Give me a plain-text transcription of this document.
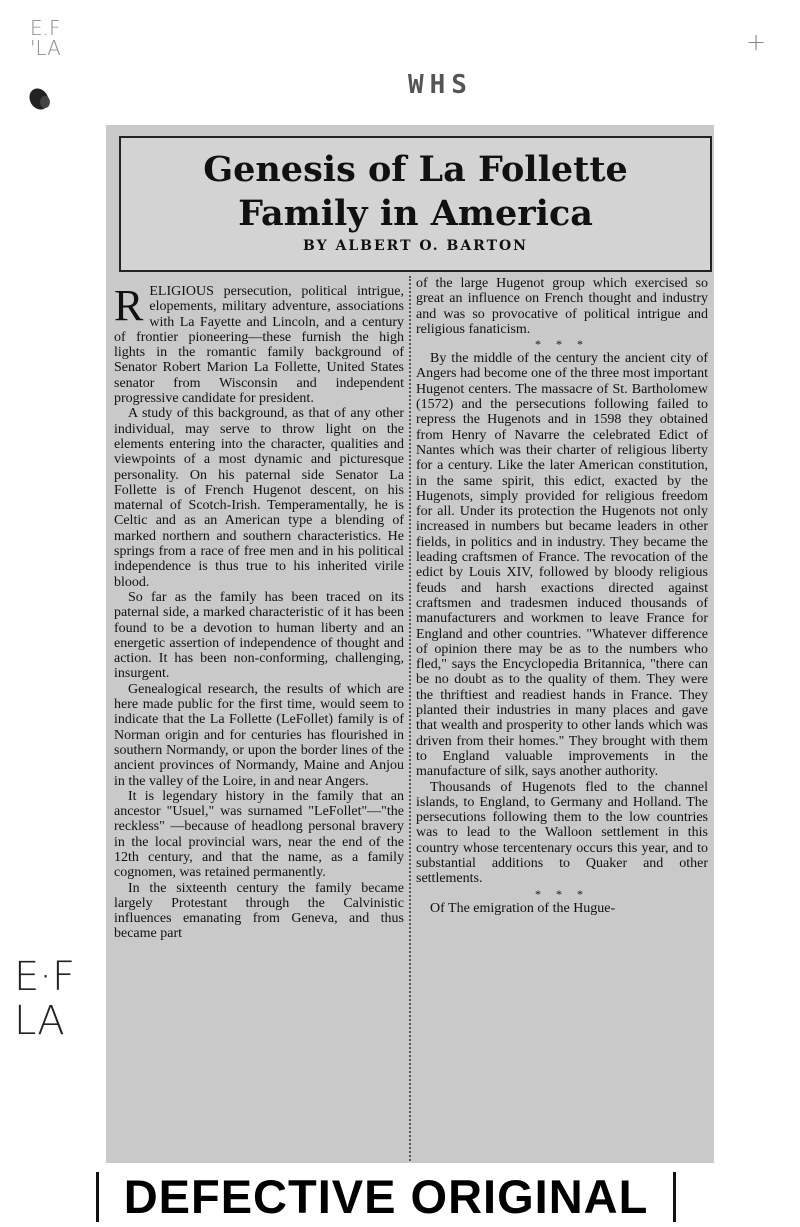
E.F
'LA	+
WHS
Genesis of La Follette
Family in America
BY ALBERT O. BARTON

RELIGIOUS persecution, political intrigue, elopements, military adventure, associations with La Fayette and Lincoln, and a century of frontier pioneering—these furnish the high lights in the romantic family background of Senator Robert Marion La Follette, United States senator from Wisconsin and independent progressive candidate for president.

A study of this background, as that of any other individual, may serve to throw light on the elements entering into the character, qualities and viewpoints of a most dynamic and picturesque personality. On his paternal side Senator La Follette is of French Hugenot descent, on his maternal of Scotch-Irish. Temperamentally, he is Celtic and as an American type a blending of marked northern and southern characteristics. He springs from a race of free men and in his political independence is thus true to his inherited virile blood.

So far as the family has been traced on its paternal side, a marked characteristic of it has been found to be a devotion to human liberty and an energetic assertion of independence of thought and action. It has been non-conforming, challenging, insurgent.

Genealogical research, the results of which are here made public for the first time, would seem to indicate that the La Follette (LeFollet) family is of Norman origin and for centuries has flourished in southern Normandy, or upon the border lines of the ancient provinces of Normandy, Maine and Anjou in the valley of the Loire, in and near Angers.

It is legendary history in the family that an ancestor "Usuel," was surnamed "LeFollet"—"the reckless" —because of headlong personal bravery in the local provincial wars, near the end of the 12th century, and that the name, as a family cognomen, was retained permanently.

In the sixteenth century the family became largely Protestant through the Calvinistic influences emanating from Geneva, and thus became part

of the large Hugenot group which exercised so great an influence on French thought and industry and was so provocative of political intrigue and religious fanaticism.

* * *

By the middle of the century the ancient city of Angers had become one of the three most important Hugenot centers. The massacre of St. Bartholomew (1572) and the persecutions following failed to repress the Hugenots and in 1598 they obtained from Henry of Navarre the celebrated Edict of Nantes which was their charter of religious liberty for a century. Like the later American constitution, in the same spirit, this edict, exacted by the Hugenots, simply provided for religious freedom for all. Under its protection the Hugenots not only increased in numbers but became leaders in other fields, in politics and in industry. They became the leading craftsmen of France. The revocation of the edict by Louis XIV, followed by bloody religious feuds and harsh exactions directed against craftsmen and tradesmen induced thousands of manufacturers and workmen to leave France for England and other countries. "Whatever difference of opinion there may be as to the numbers who fled," says the Encyclopedia Britannica, "there can be no doubt as to the quality of them. They were the thriftiest and readiest hands in France. They planted their industries in many places and gave that wealth and prosperity to other lands which was driven from their homes." They brought with them to England valuable improvements in the manufacture of silk, says another authority.

Thousands of Hugenots fled to the channel islands, to England, to Germany and Holland. The persecutions following them to the low countries was to lead to the Walloon settlement in this country whose tercentenary occurs this year, and to substantial additions to Quaker and other settlements.

* * *

Of The emigration of the Hugue-

E·F
LA
DEFECTIVE ORIGINAL
